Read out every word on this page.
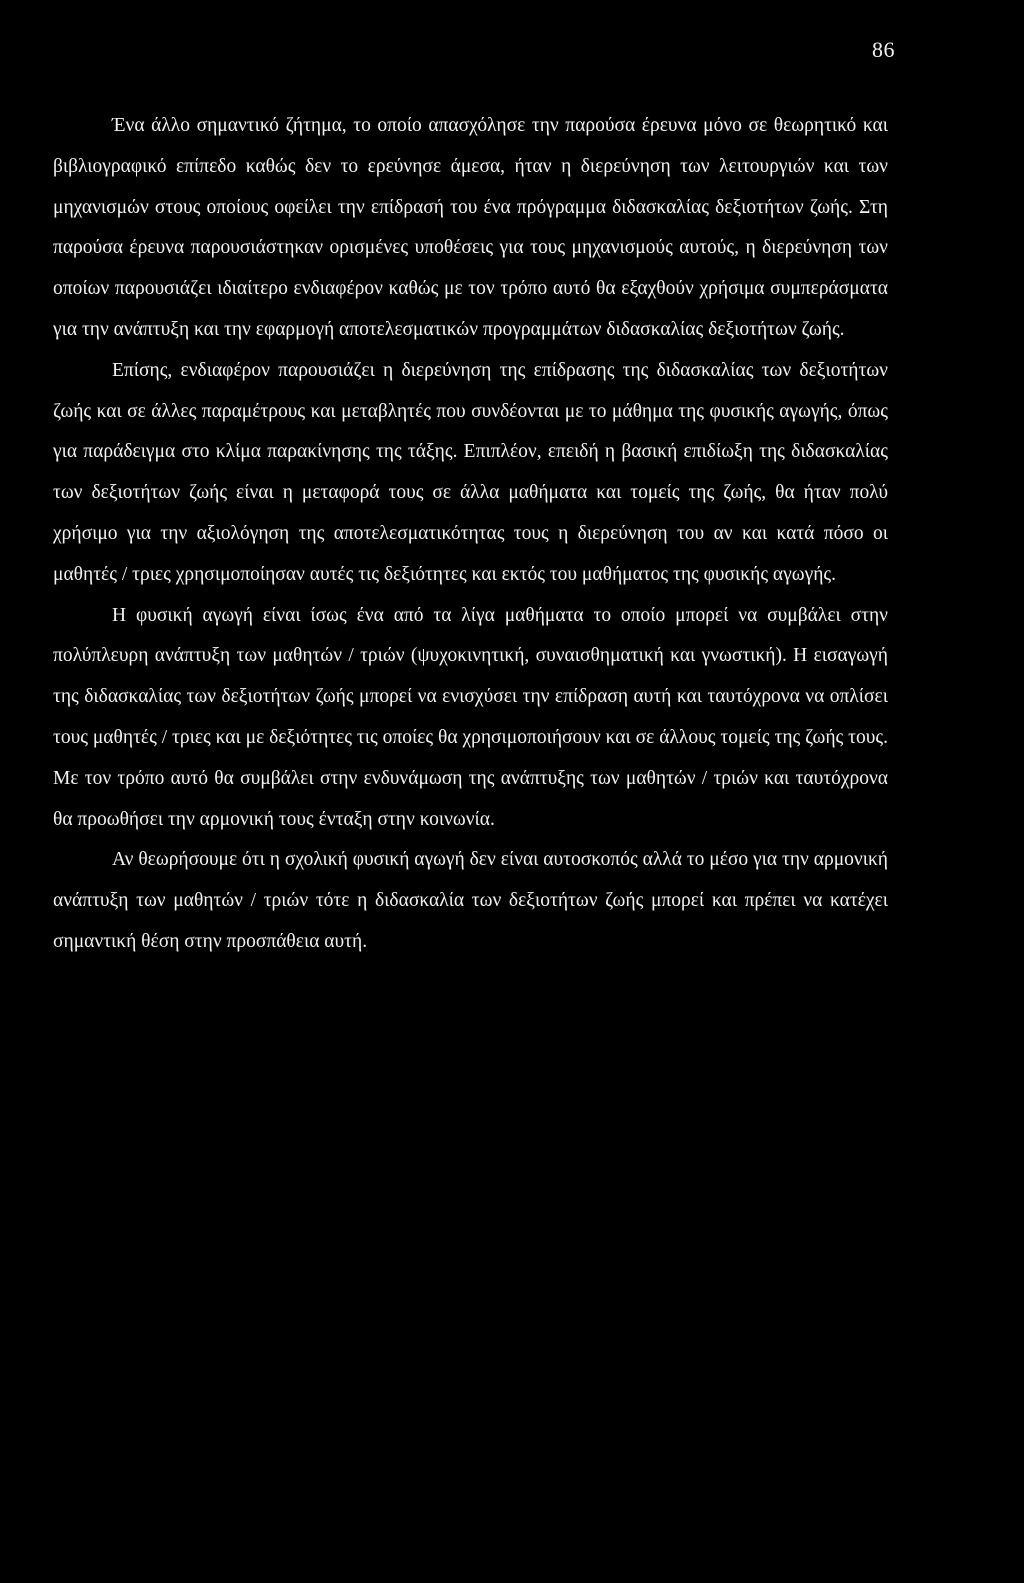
86

Ένα άλλο σημαντικό ζήτημα, το οποίο απασχόλησε την παρούσα έρευνα μόνο σε θεωρητικό και βιβλιογραφικό επίπεδο καθώς δεν το ερεύνησε άμεσα, ήταν η διερεύνηση των λειτουργιών και των μηχανισμών στους οποίους οφείλει την επίδρασή του ένα πρόγραμμα διδασκαλίας δεξιοτήτων ζωής. Στη παρούσα έρευνα παρουσιάστηκαν ορισμένες υποθέσεις για τους μηχανισμούς αυτούς, η διερεύνηση των οποίων παρουσιάζει ιδιαίτερο ενδιαφέρον καθώς με τον τρόπο αυτό θα εξαχθούν χρήσιμα συμπεράσματα για την ανάπτυξη και την εφαρμογή αποτελεσματικών προγραμμάτων διδασκαλίας δεξιοτήτων ζωής.

Επίσης, ενδιαφέρον παρουσιάζει η διερεύνηση της επίδρασης της διδασκαλίας των δεξιοτήτων ζωής και σε άλλες παραμέτρους και μεταβλητές που συνδέονται με το μάθημα της φυσικής αγωγής, όπως για παράδειγμα στο κλίμα παρακίνησης της τάξης. Επιπλέον, επειδή η βασική επιδίωξη της διδασκαλίας των δεξιοτήτων ζωής είναι η μεταφορά τους σε άλλα μαθήματα και τομείς της ζωής, θα ήταν πολύ χρήσιμο για την αξιολόγηση της αποτελεσματικότητας τους η διερεύνηση του αν και κατά πόσο οι μαθητές / τριες χρησιμοποίησαν αυτές τις δεξιότητες και εκτός του μαθήματος της φυσικής αγωγής.

Η φυσική αγωγή είναι ίσως ένα από τα λίγα μαθήματα το οποίο μπορεί να συμβάλει στην πολύπλευρη ανάπτυξη των μαθητών / τριών (ψυχοκινητική, συναισθηματική και γνωστική). Η εισαγωγή της διδασκαλίας των δεξιοτήτων ζωής μπορεί να ενισχύσει την επίδραση αυτή και ταυτόχρονα να οπλίσει τους μαθητές / τριες και με δεξιότητες τις οποίες θα χρησιμοποιήσουν και σε άλλους τομείς της ζωής τους. Με τον τρόπο αυτό θα συμβάλει στην ενδυνάμωση της ανάπτυξης των μαθητών / τριών και ταυτόχρονα θα προωθήσει την αρμονική τους ένταξη στην κοινωνία.

Αν θεωρήσουμε ότι η σχολική φυσική αγωγή δεν είναι αυτοσκοπός αλλά το μέσο για την αρμονική ανάπτυξη των μαθητών / τριών τότε η διδασκαλία των δεξιοτήτων ζωής μπορεί και πρέπει να κατέχει σημαντική θέση στην προσπάθεια αυτή.
